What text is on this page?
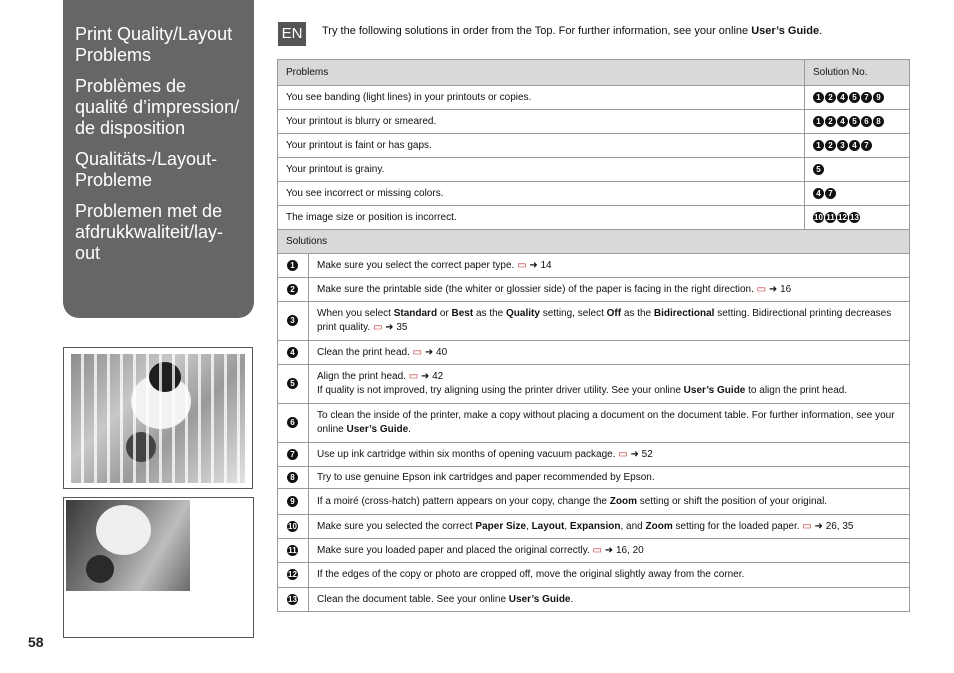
Print Quality/Layout Problems
Problèmes de qualité d’impression/ de disposition
Qualitäts-/Layout-Probleme
Problemen met de afdrukkwaliteit/lay-out
58
EN	Try the following solutions in order from the Top. For further information, see your online User’s Guide.
Problems		Solution No.
You see banding (light lines) in your printouts or copies.		1 2 4 5 7 9
Your printout is blurry or smeared.		1 2 4 5 6 8
Your printout is faint or has gaps.		1 2 3 4 7
Your printout is grainy.		5
You see incorrect or missing colors.		4 7
The image size or position is incorrect.		10 11 12 13
Solutions		
1	Make sure you select the correct paper type. ▭ ➜ 14	
2	Make sure the printable side (the whiter or glossier side) of the paper is facing in the right direction. ▭ ➜ 16	
3	When you select Standard or Best as the Quality setting, select Off as the Bidirectional setting. Bidirectional printing decreases print quality. ▭ ➜ 35	
4	Clean the print head. ▭ ➜ 40	
5	Align the print head. ▭ ➜ 42
If quality is not improved, try aligning using the printer driver utility. See your online User’s Guide to align the print head.	
6	To clean the inside of the printer, make a copy without placing a document on the document table. For further information, see your online User’s Guide.	
7	Use up ink cartridge within six months of opening vacuum package. ▭ ➜ 52	
8	Try to use genuine Epson ink cartridges and paper recommended by Epson.	
9	If a moiré (cross-hatch) pattern appears on your copy, change the Zoom setting or shift the position of your original.	
10	Make sure you selected the correct Paper Size, Layout, Expansion, and Zoom setting for the loaded paper. ▭ ➜ 26, 35	
11	Make sure you loaded paper and placed the original correctly. ▭ ➜ 16, 20	
12	If the edges of the copy or photo are cropped off, move the original slightly away from the corner.	
13	Clean the document table. See your online User’s Guide.	
